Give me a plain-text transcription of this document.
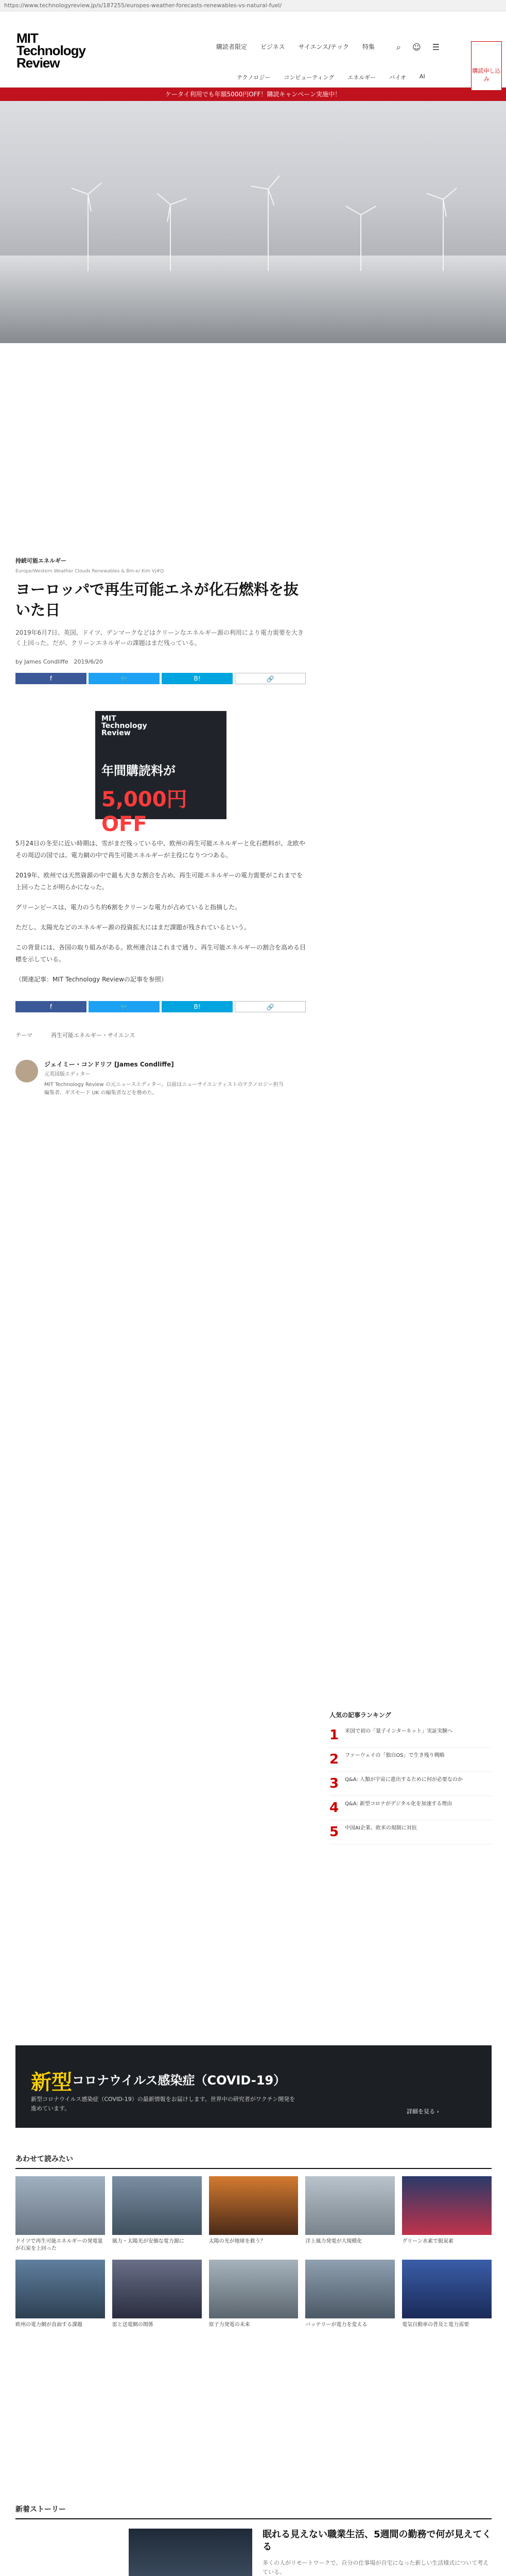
https://www.technologyreview.jp/s/187255/europes-weather-forecasts-renewables-vs-natural-fuel/
MIT
Technology
Review
購読者限定 ビジネス サイエンス/テック 特集
テクノロジー コンピューティング エネルギー バイオ AI
⌕ ☺ ☰
購読申し込み
ケータイ利用でも年額5000円OFF！購読キャンペーン実施中！
持続可能エネルギー
Europe/Western Weather Clouds Renewables & Bm-e/ Kim Vj#Q
ヨーロッパで再生可能エネが化石燃料を抜いた日
2019年6月7日、英国、ドイツ、デンマークなどはクリーンなエネルギー源の利用により電力需要を大きく上回った。だが、クリーンエネルギーの課題はまだ残っている。
by James Condliffe　2019/6/20
f	🐦	B!	🔗
MIT
Technology
Review
年間購読料が
5,000円OFF

5月24日の冬至に近い時期は、雪がまだ残っている中、欧州の再生可能エネルギーと化石燃料が、北欧やその周辺の国では、電力網の中で再生可能エネルギーが主役になりつつある。

2019年、欧州では天然資源の中で最も大きな割合を占め、再生可能エネルギーの電力需要がこれまでを上回ったことが明らかになった。

グリーンピースは、電力のうち約6割をクリーンな電力が占めていると指摘した。

ただし、太陽光などのエネルギー源の投資拡大にはまだ課題が残されているという。

この背景には、各国の取り組みがある。欧州連合はこれまで通り、再生可能エネルギーの割合を高める目標を示している。

（関連記事：MIT Technology Reviewの記事を参照）

f	🐦	B!	🔗
テーマ	再生可能エネルギー・サイエンス
ジェイミー・コンドリフ [James Condliffe]
元英国版エディター
MIT Technology Review の元ニュースエディター。以前はニューサイエンティストのテクノロジー担当編集者、ギズモード UK の編集者などを務めた。
人気の記事ランキング
1 米国で初の「量子インターネット」実証実験へ
2 ファーウェイの「独自OS」で生き残り戦略
3 Q&A: 人類が宇宙に進出するために何が必要なのか
4 Q&A: 新型コロナがデジタル化を加速する理由
5 中国AI企業、欧米の規制に対抗
新型 コロナウイルス感染症（COVID-19）
新型コロナウイルス感染症（COVID-19）の最新情報をお届けします。世界中の研究者がワクチン開発を進めています。	詳細を見る ›
あわせて読みたい
ドイツで再生可能エネルギーの発電量が石炭を上回った
風力・太陽光が安価な電力源に	太陽の光が地球を救う？	洋上風力発電が大規模化	グリーン水素で脱炭素
欧州の電力網が直面する課題	雷と送電網の関係	原子力発電の未来	バッテリーが電力を変える	電気自動車の普及と電力需要
新着ストーリー
眠れる見えない職業生活、5週間の勤務で何が見えてくる
多くの人がリモートワークで、自分の仕事場が自宅になった新しい生活様式について考えている。
